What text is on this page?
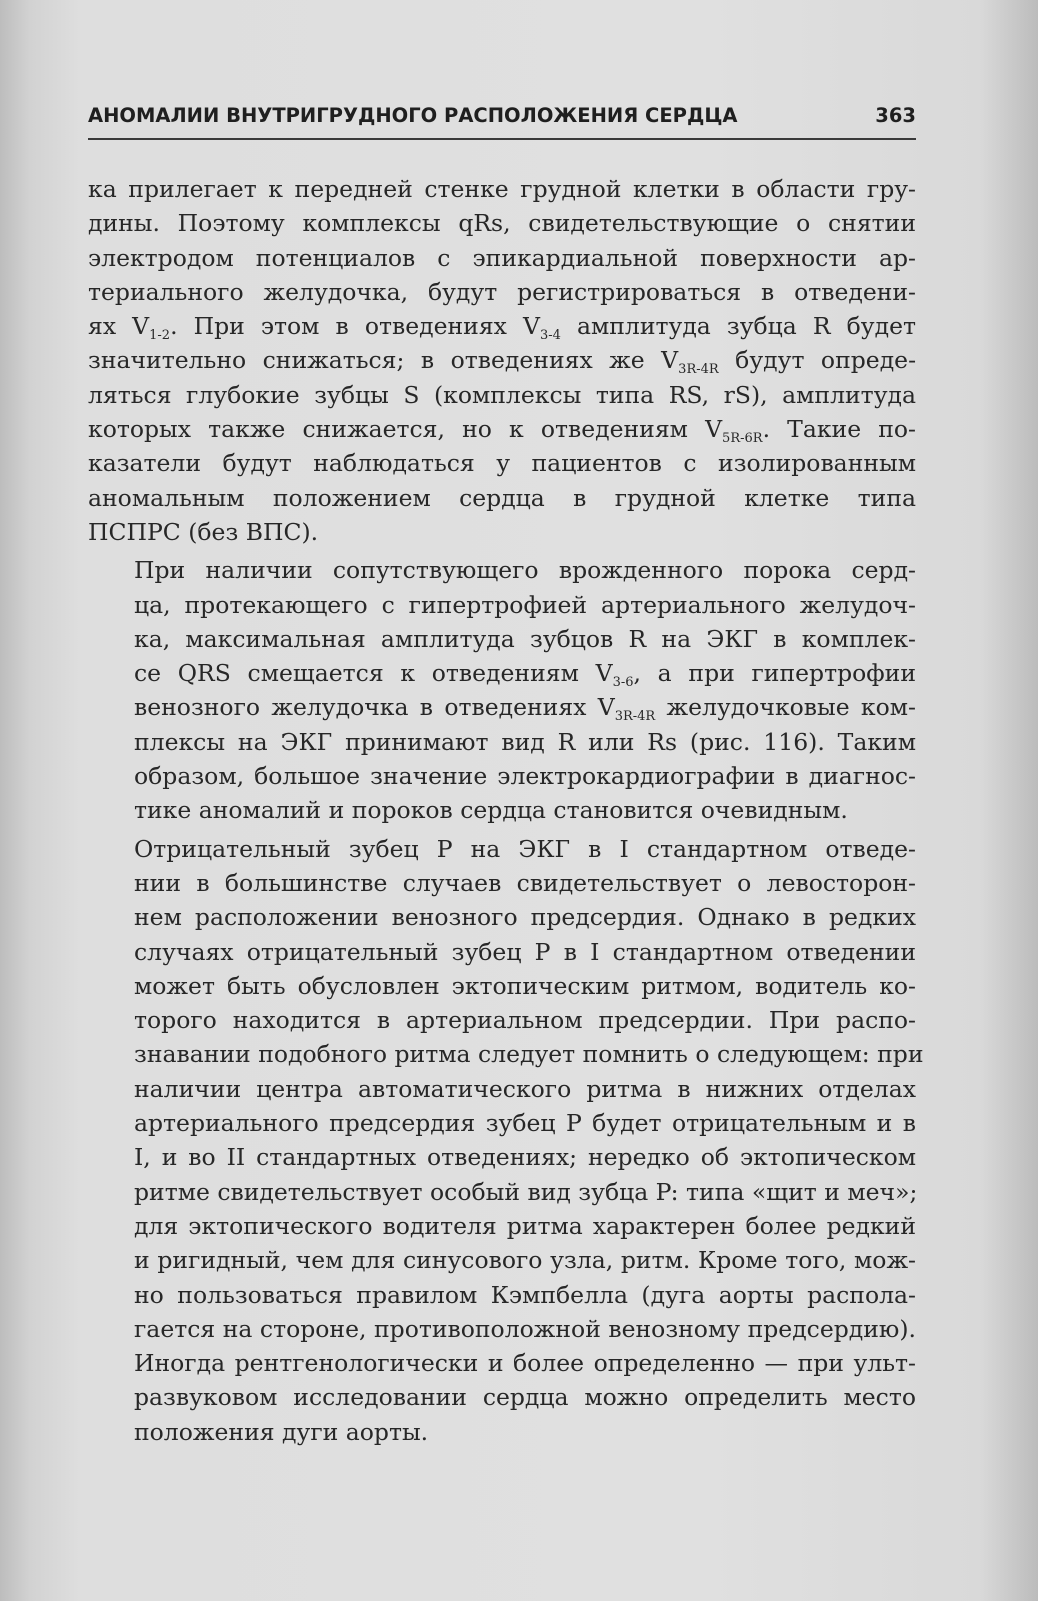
АНОМАЛИИ ВНУТРИГРУДНОГО РАСПОЛОЖЕНИЯ СЕРДЦА	363

ка прилегает к передней стенке грудной клетки в области гру-
дины. Поэтому комплексы qRs, свидетельствующие о снятии
электродом потенциалов с эпикардиальной поверхности ар-
териального желудочка, будут регистрироваться в отведени-
ях $V_{1-2}$. При этом в отведениях $V_{3-4}$ амплитуда зубца R будет
значительно снижаться; в отведениях же $V_{3R-4R}$ будут опреде-
ляться глубокие зубцы S (комплексы типа RS, rS), амплитуда
которых также снижается, но к отведениям $V_{5R-6R}$. Такие по-
казатели будут наблюдаться у пациентов с изолированным
аномальным положением сердца в грудной клетке типа
ПСПРС (без ВПС).

При наличии сопутствующего врожденного порока серд-
ца, протекающего с гипертрофией артериального желудоч-
ка, максимальная амплитуда зубцов R на ЭКГ в комплек-
се QRS смещается к отведениям $V_{3-6}$, а при гипертрофии
венозного желудочка в отведениях $V_{3R-4R}$ желудочковые ком-
плексы на ЭКГ принимают вид R или Rs (рис. 116). Таким
образом, большое значение электрокардиографии в диагнос-
тике аномалий и пороков сердца становится очевидным.

Отрицательный зубец P на ЭКГ в I стандартном отведе-
нии в большинстве случаев свидетельствует о левосторон-
нем расположении венозного предсердия. Однако в редких
случаях отрицательный зубец P в I стандартном отведении
может быть обусловлен эктопическим ритмом, водитель ко-
торого находится в артериальном предсердии. При распо-
знавании подобного ритма следует помнить о следующем: при
наличии центра автоматического ритма в нижних отделах
артериального предсердия зубец P будет отрицательным и в
I, и во II стандартных отведениях; нередко об эктопическом
ритме свидетельствует особый вид зубца P: типа «щит и меч»;
для эктопического водителя ритма характерен более редкий
и ригидный, чем для синусового узла, ритм. Кроме того, мож-
но пользоваться правилом Кэмпбелла (дуга аорты распола-
гается на стороне, противоположной венозному предсердию).
Иногда рентгенологически и более определенно — при ульт-
развуковом исследовании сердца можно определить место
положения дуги аорты.
